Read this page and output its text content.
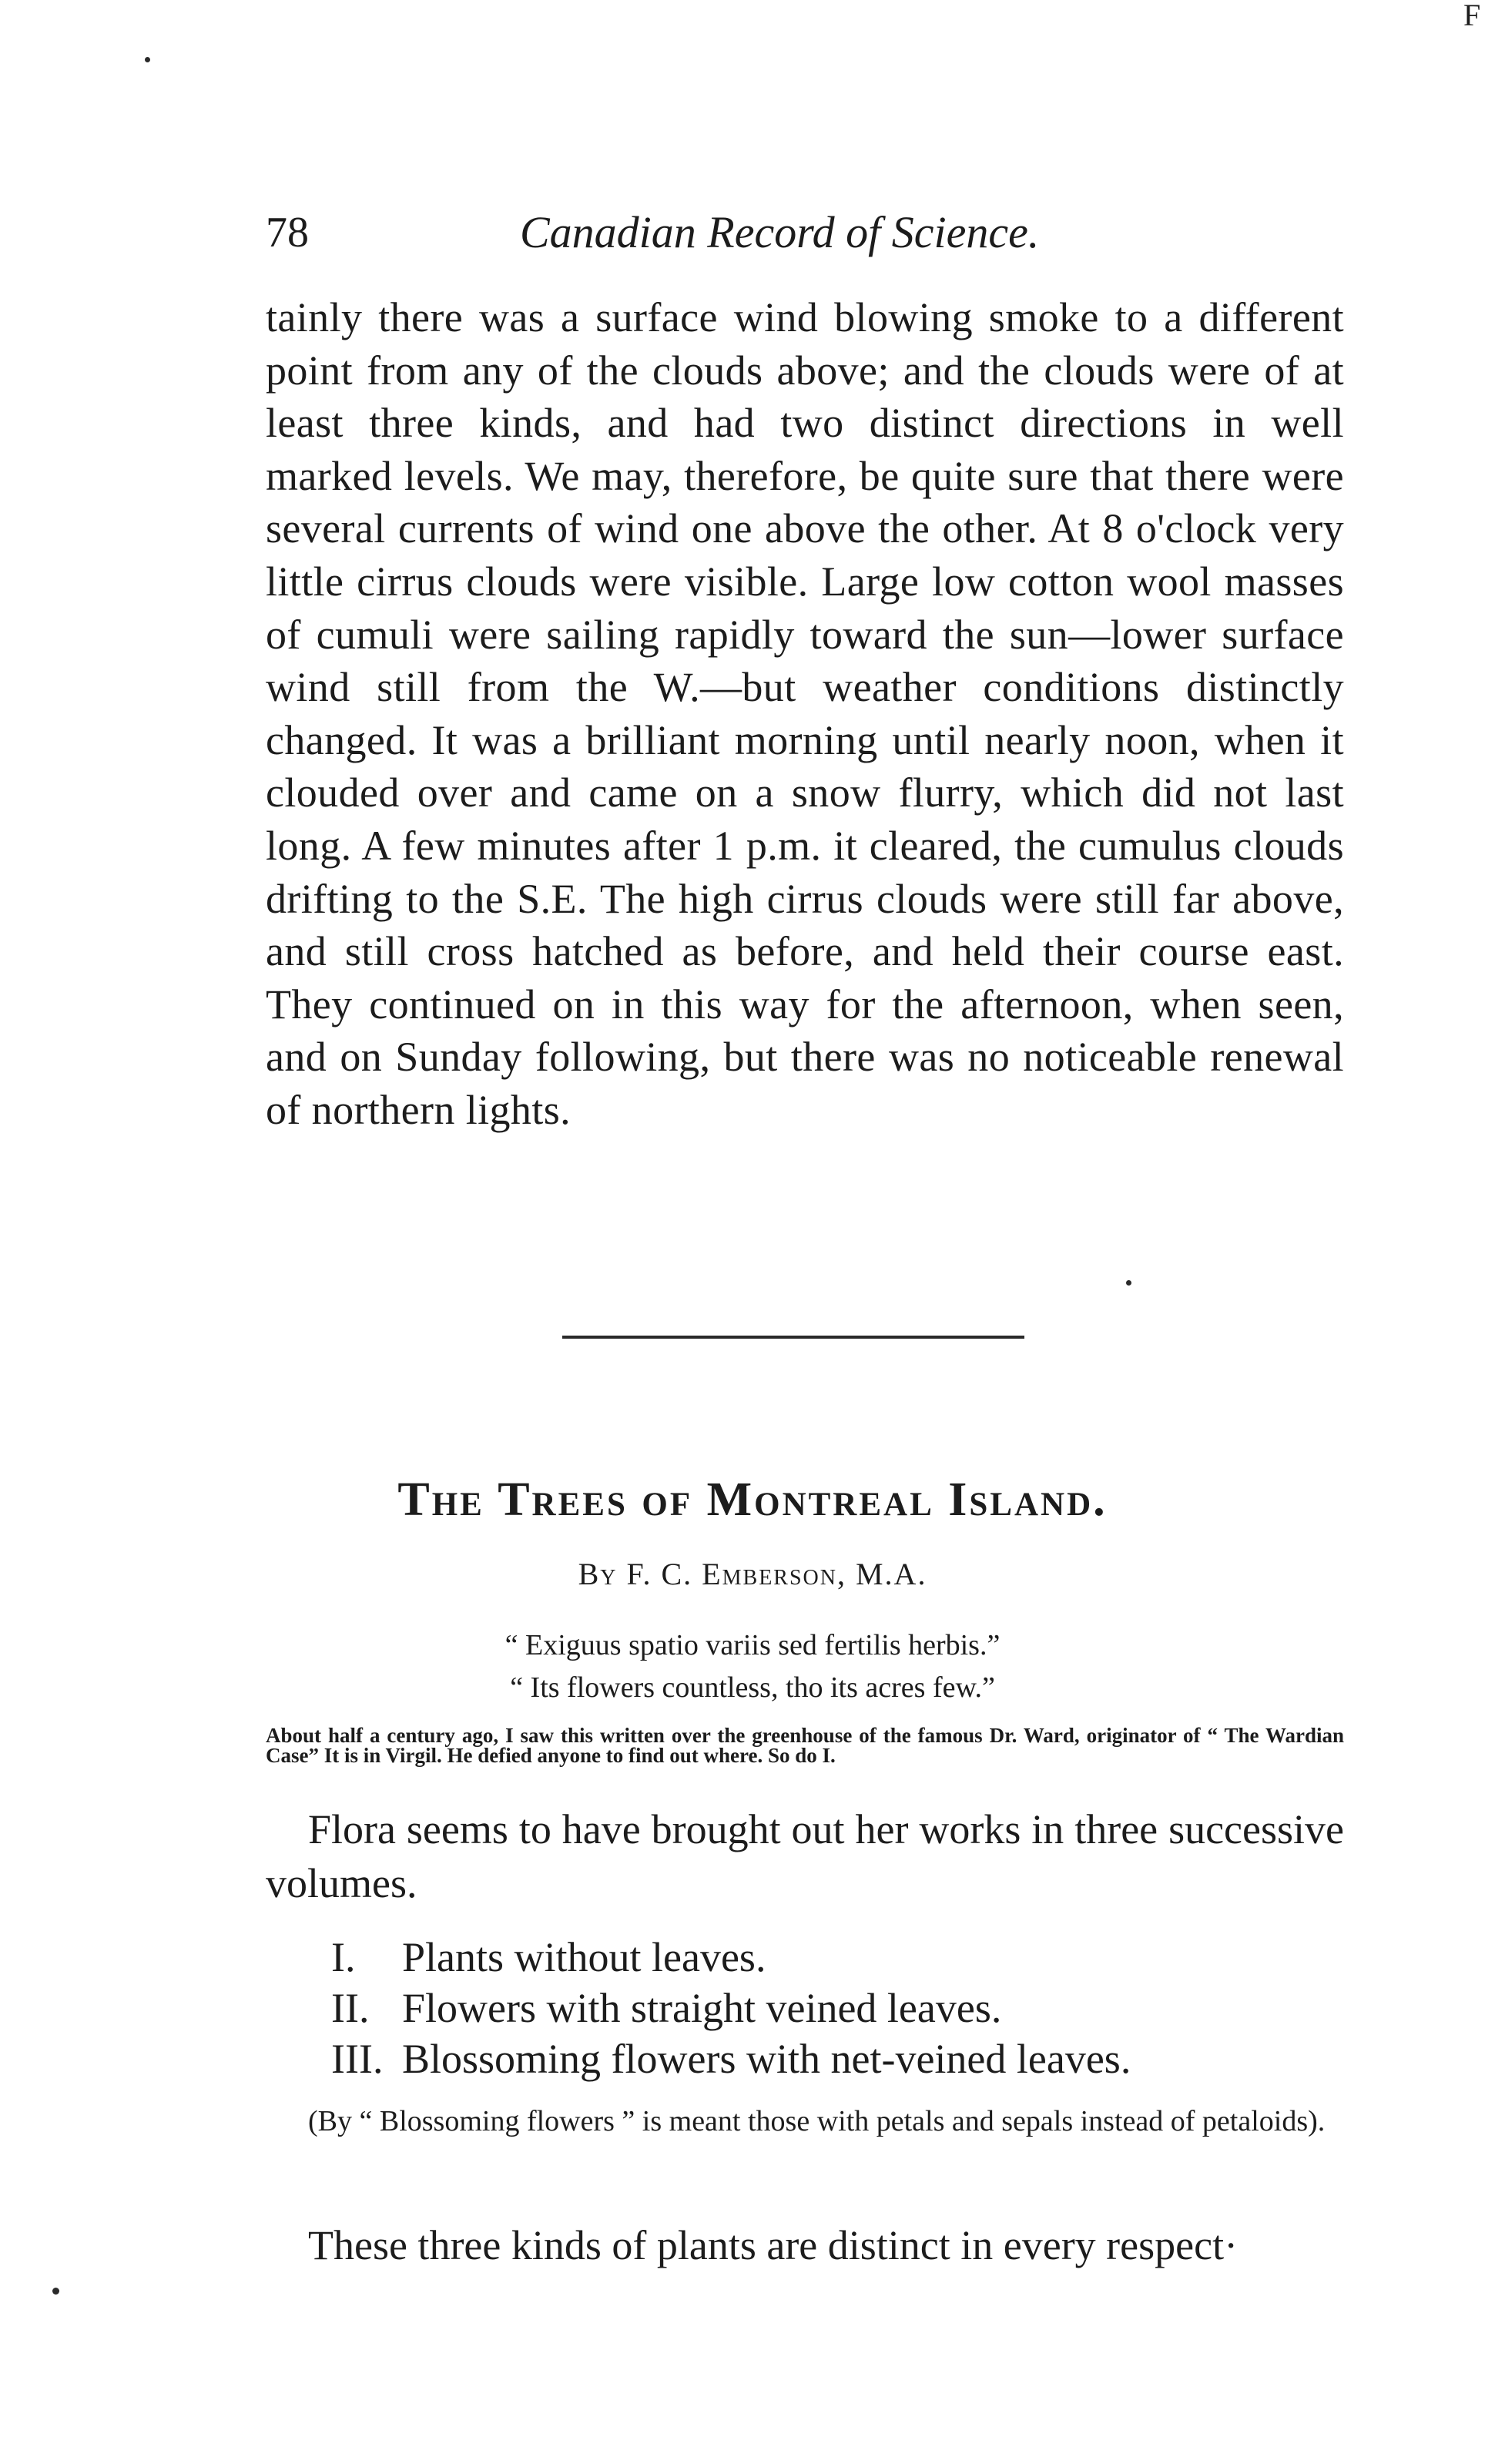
F
78	Canadian Record of Science.

tainly there was a surface wind blowing smoke to a different point from any of the clouds above; and the clouds were of at least three kinds, and had two distinct directions in well marked levels. We may, therefore, be quite sure that there were several currents of wind one above the other. At 8 o'clock very little cirrus clouds were visible. Large low cotton wool masses of cumuli were sailing rapidly toward the sun—lower surface wind still from the W.—but weather conditions distinctly changed. It was a brilliant morning until nearly noon, when it clouded over and came on a snow flurry, which did not last long. A few minutes after 1 p.m. it cleared, the cumulus clouds drifting to the S.E. The high cirrus clouds were still far above, and still cross hatched as before, and held their course east. They continued on in this way for the afternoon, when seen, and on Sunday following, but there was no noticeable renewal of northern lights.

The Trees of Montreal Island.
By F. C. Emberson, M.A.
“ Exiguus spatio variis sed fertilis herbis.”
“ Its flowers countless, tho its acres few.”

About half a century ago, I saw this written over the greenhouse of the famous Dr. Ward, originator of “ The Wardian Case” It is in Virgil. He defied anyone to find out where. So do I.

Flora seems to have brought out her works in three successive volumes.

I. Plants without leaves.
II. Flowers with straight veined leaves.
III. Blossoming flowers with net-veined leaves.

(By “ Blossoming flowers ” is meant those with petals and sepals instead of petaloids).

These three kinds of plants are distinct in every respect·
